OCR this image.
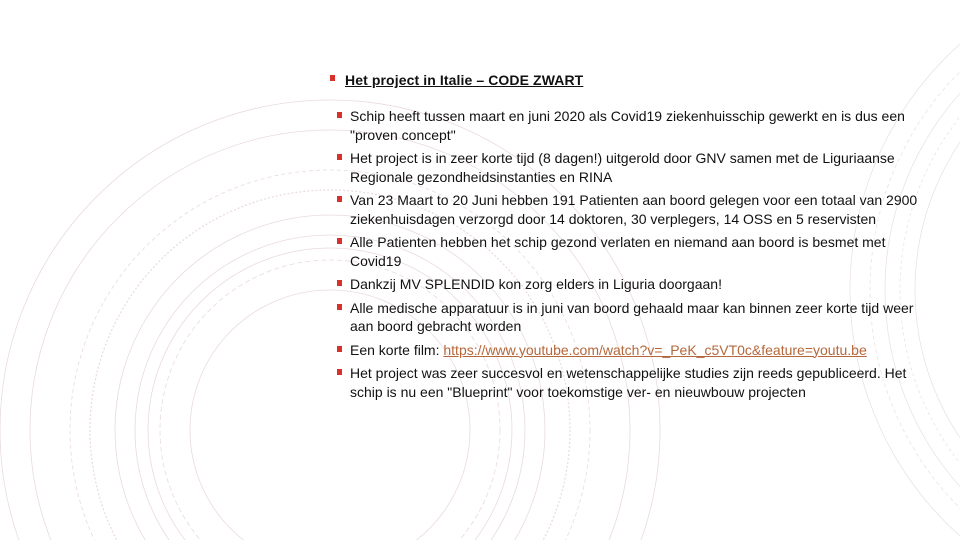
Het project in Italie – CODE ZWART
Schip heeft tussen maart en juni 2020 als Covid19 ziekenhuisschip gewerkt en is dus een "proven concept"
Het project is in zeer korte tijd (8 dagen!) uitgerold door GNV samen met de Liguriaanse Regionale gezondheidsinstanties en RINA
Van 23 Maart to 20 Juni hebben 191 Patienten aan boord gelegen voor een totaal van 2900 ziekenhuisdagen verzorgd door 14 doktoren, 30 verplegers, 14 OSS en 5 reservisten
Alle Patienten hebben het schip gezond verlaten en niemand aan boord is besmet met Covid19
Dankzij MV SPLENDID kon zorg elders in Liguria doorgaan!
Alle medische apparatuur is in juni van boord gehaald maar kan binnen zeer korte tijd weer aan boord gebracht worden
Een korte film: https://www.youtube.com/watch?v=_PeK_c5VT0c&feature=youtu.be
Het project was zeer succesvol en wetenschappelijke studies zijn reeds gepubliceerd. Het schip is nu een "Blueprint" voor toekomstige ver- en nieuwbouw projecten
